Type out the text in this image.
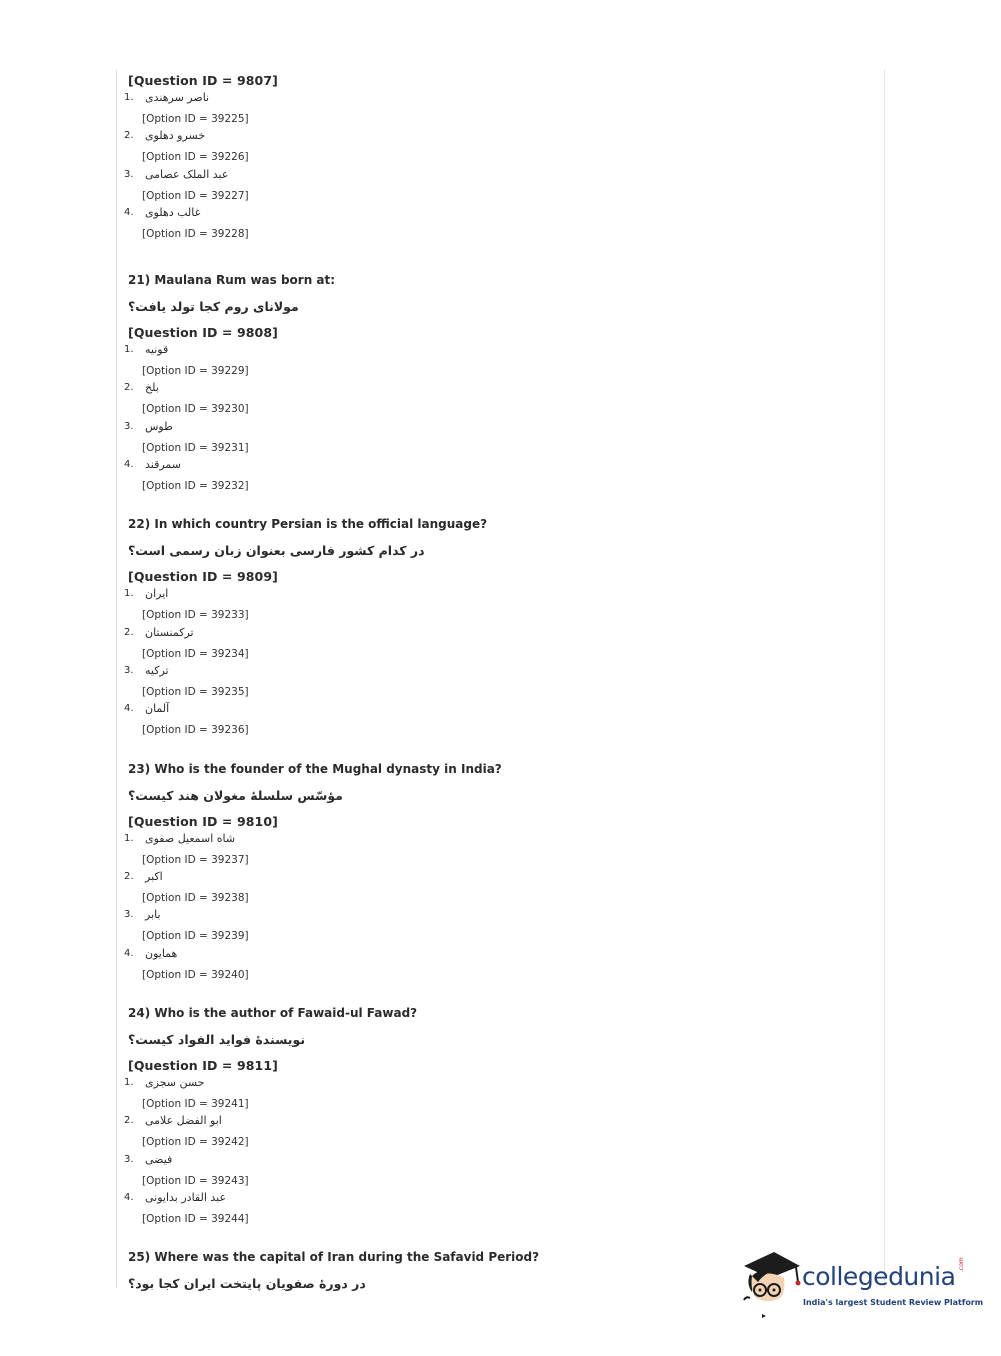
[Question ID = 9807]
1. ناصر سرهندی
[Option ID = 39225]
2. خسرو دهلوی
[Option ID = 39226]
3. عبد الملک عصامی
[Option ID = 39227]
4. غالب دهلوی
[Option ID = 39228]
21) Maulana Rum was born at:
مولانای روم کجا تولد یافت؟
[Question ID = 9808]
1. قونیه
[Option ID = 39229]
2. بلخ
[Option ID = 39230]
3. طوس
[Option ID = 39231]
4. سمرقند
[Option ID = 39232]
22) In which country Persian is the official language?
در کدام کشور فارسی بعنوان زبان رسمی است؟
[Question ID = 9809]
1. ایران
[Option ID = 39233]
2. ترکمنستان
[Option ID = 39234]
3. ترکیه
[Option ID = 39235]
4. آلمان
[Option ID = 39236]
23) Who is the founder of the Mughal dynasty in India?
مؤسّس سلسلهٔ مغولان هند کیست؟
[Question ID = 9810]
1. شاه اسمعیل صفوی
[Option ID = 39237]
2. اکبر
[Option ID = 39238]
3. بابر
[Option ID = 39239]
4. همایون
[Option ID = 39240]
24) Who is the author of Fawaid-ul Fawad?
نویسندهٔ فواید الفواد کیست؟
[Question ID = 9811]
1. حسن سجزی
[Option ID = 39241]
2. ابو الفضل علامی
[Option ID = 39242]
3. فیضی
[Option ID = 39243]
4. عبد القادر بدایونی
[Option ID = 39244]
25) Where was the capital of Iran during the Safavid Period?
در دورهٔ صفویان پایتخت ایران کجا بود؟	collegedunia .com
India's largest Student Review Platform
